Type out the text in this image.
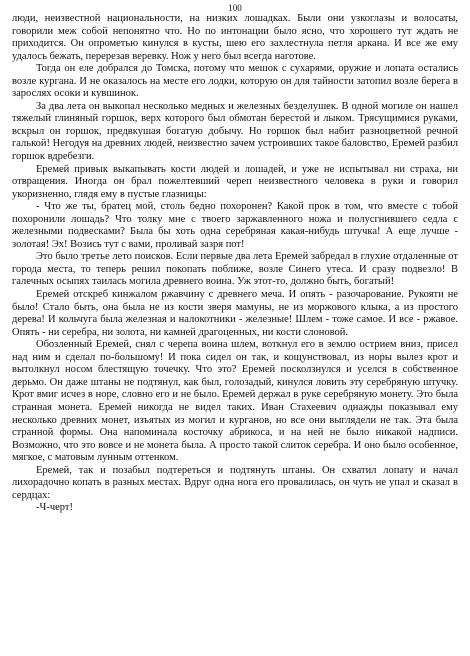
100

люди, неизвестной национальности, на низких лошадках. Были они узкоглазы и волосаты, говорили меж собой непонятно что. Но по интонации было ясно, что хорошего тут ждать не приходится. Он опрометью кинулся в кусты, шею его захлестнула петля аркана. И все же ему удалось бежать, перерезав веревку. Нож у него был всегда наготове.

Тогда он еле добрался до Томска, потому что мешок с сухарями, оружие и лопата остались возле кургана. И не оказалось на месте его лодки, которую он для тайности затопил возле берега в зарослях осоки и кувшинок.

За два лета он выкопал несколько медных и железных безделушек. В одной могиле он нашел тяжелый глиняный горшок, верх которого был обмотан берестой и лыком. Трясущимися руками, вскрыл он горшок, предвкушая богатую добычу. Но горшок был набит разноцветной речной галькой! Негодуя на древних людей, неизвестно зачем устроивших такое баловство, Еремей разбил горшок вдребезги.

Еремей привык выкапывать кости людей и лошадей, и уже не испытывал ни страха, ни отвращения. Иногда он брал пожелтевший череп неизвестного человека в руки и говорил укоризненно, глядя ему в пустые глазницы:

- Что же ты, братец мой, столь бедно похоронен? Какой прок в том, что вместе с тобой похоронили лошадь? Что толку мне с твоего заржавленного ножа и полусгнившего седла с железными подвесками? Была бы хоть одна серебряная какая-нибудь штучка! А еще лучше - золотая! Эх! Возись тут с вами, проливай зазря пот!

Это было третье лето поисков. Если первые два лета Еремей забредал в глухие отдаленные от города места, то теперь решил покопать поближе, возле Синего утеса. И сразу подвезло! В галечных осыпях таилась могила древнего воина. Уж этот-то, должно быть, богатый!

Еремей отскреб кинжалом ржавчину с древнего меча. И опять - разочарование. Рукояти не было! Стало быть, она была не из кости зверя мамуны, не из моржового клыка, а из простого дерева! И кольчуга была железная и налокотники - железные! Шлем - тоже самое. И все - ржавое. Опять - ни серебра, ни золота, ни камней драгоценных, ни кости слоновой.

Обозленный Еремей, снял с черепа воина шлем, воткнул его в землю острием вниз, присел над ним и сделал по-большому! И пока сидел он так, и кощунствовал, из норы вылез крот и вытолкнул носом блестящую точечку. Что это? Еремей посколзнулся и уселся в собственное дерьмо. Он даже штаны не подтянул, как был, голозадый, кинулся ловить эту серебряную штучку. Крот вмиг исчез в норе, словно его и не было. Еремей держал в руке серебряную монету. Это была странная монета. Еремей никогда не видел таких. Иван Стахеевич однажды показывал ему несколько древних монет, изъятых из могил и курганов, но все они выглядели не так. Эта была странной формы. Она напоминала косточку абрикоса, и на ней не было никакой надписи. Возможно, что это вовсе и не монета была. А просто такой слиток серебра. И оно было особенное, мягкое, с матовым лунным оттенком.

Еремей, так и позабыл подтереться и подтянуть штаны. Он схватил лопату и начал лихорадочно копать в разных местах. Вдруг одна нога его провалилась, он чуть не упал и сказал в сердцах:

-Ч-черт!
